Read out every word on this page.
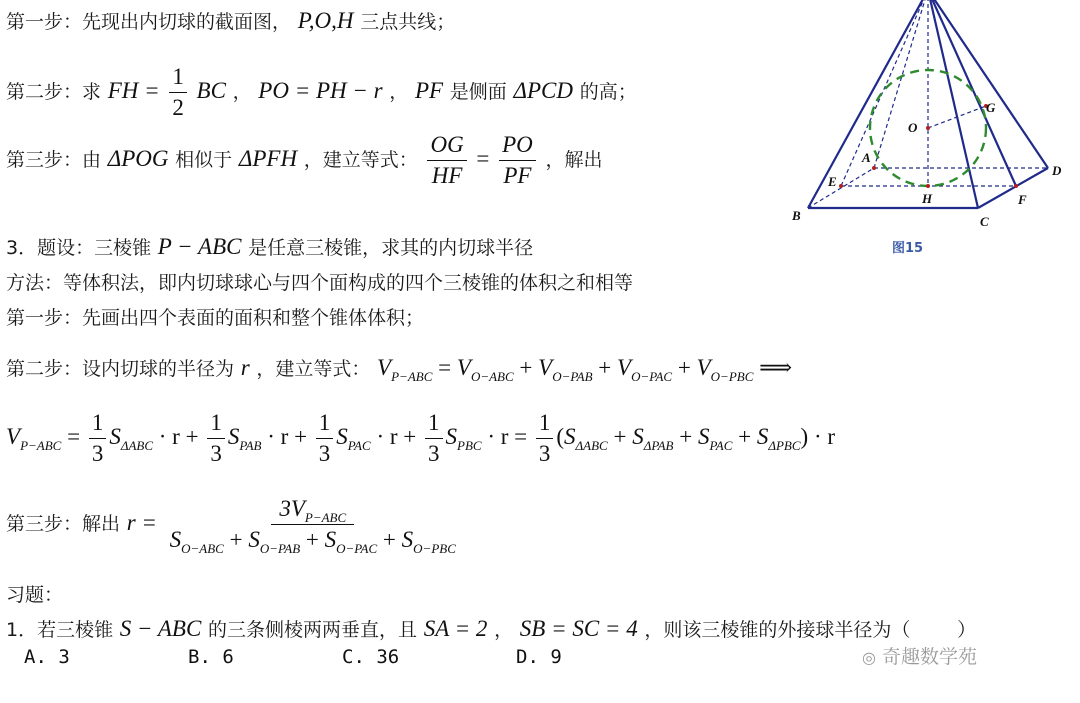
第一步：先现出内切球的截面图， P,O,H 三点共线；
第二步：求 FH = $\frac{1}{2}$ BC ， PO = PH − r ， PF 是侧面 ΔPCD 的高；
第三步：由 ΔPOG 相似于 ΔPFH ，建立等式： $\frac{OG}{HF} = \frac{PO}{PF}$ ，解出
3．题设：三棱锥 P − ABC 是任意三棱锥，求其的内切球半径
方法：等体积法，即内切球球心与四个面构成的四个三棱锥的体积之和相等
第一步：先画出四个表面的面积和整个锥体体积；
第二步：设内切球的半径为 r ，建立等式： $V_{P-ABC} = V_{O-ABC} + V_{O-PAB} + V_{O-PAC} + V_{O-PBC}$ ⟹
$V_{P-ABC} = \frac{1}{3} S_{\Delta ABC} \cdot r + \frac{1}{3} S_{PAB} \cdot r + \frac{1}{3} S_{PAC} \cdot r + \frac{1}{3} S_{PBC} \cdot r = \frac{1}{3} (S_{\Delta ABC} + S_{\Delta PAB} + S_{PAC} + S_{\Delta PBC}) \cdot r$
第三步：解出 $r = \frac{3V_{P-ABC}}{S_{O-ABC} + S_{O-PAB} + S_{O-PAC} + S_{O-PBC}}$
习题：
1．若三棱锥 S − ABC 的三条侧棱两两垂直，且 SA = 2 ， SB = SC = 4 ，则该三棱锥的外接球半径为（ ）
A. 3	B. 6	C. 36	D. 9
A
B	C
D
E
F
G
H
O
图15
◎ 奇趣数学苑
